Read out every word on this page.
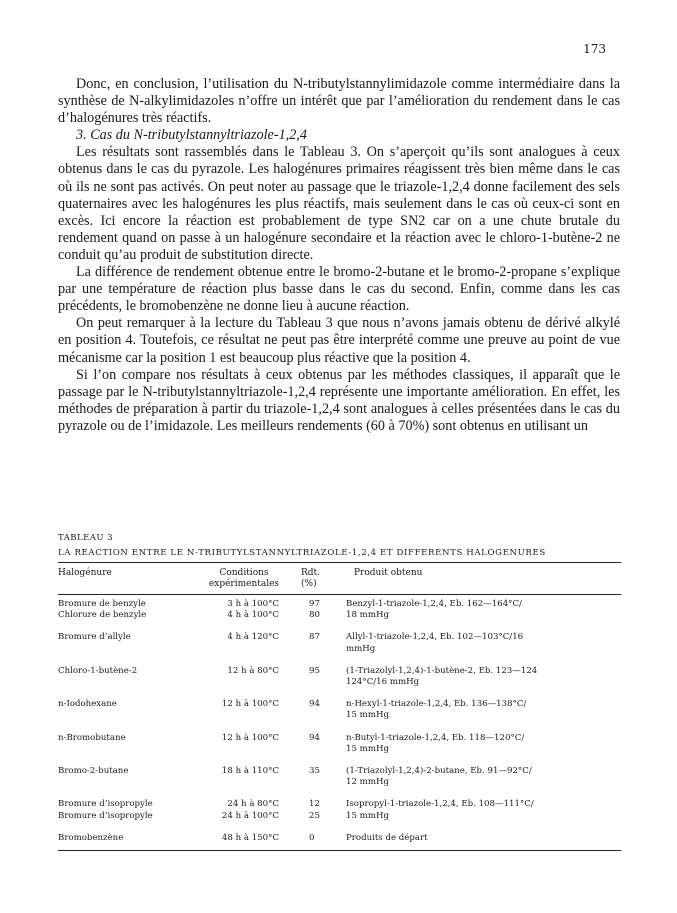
173

Donc, en conclusion, l’utilisation du N-tributylstannylimidazole comme intermédiaire dans la synthèse de N-alkylimidazoles n’offre un intérêt que par l’amélioration du rendement dans le cas d’halogénures très réactifs.

3. Cas du N-tributylstannyltriazole-1,2,4

Les résultats sont rassemblés dans le Tableau 3. On s’aperçoit qu’ils sont analogues à ceux obtenus dans le cas du pyrazole. Les halogénures primaires réagissent très bien même dans le cas où ils ne sont pas activés. On peut noter au passage que le triazole-1,2,4 donne facilement des sels quaternaires avec les halogénures les plus réactifs, mais seulement dans le cas où ceux-ci sont en excès. Ici encore la réaction est probablement de type SN2 car on a une chute brutale du rendement quand on passe à un halogénure secondaire et la réaction avec le chloro-1-butène-2 ne conduit qu’au produit de substitution directe.

La différence de rendement obtenue entre le bromo-2-butane et le bromo-2-propane s’explique par une température de réaction plus basse dans le cas du second. Enfin, comme dans les cas précédents, le bromobenzène ne donne lieu à aucune réaction.

On peut remarquer à la lecture du Tableau 3 que nous n’avons jamais obtenu de dérivé alkylé en position 4. Toutefois, ce résultat ne peut pas être interprété comme une preuve au point de vue mécanisme car la position 1 est beaucoup plus réactive que la position 4.

Si l’on compare nos résultats à ceux obtenus par les méthodes classiques, il apparaît que le passage par le N-tributylstannyltriazole-1,2,4 représente une importante amélioration. En effet, les méthodes de préparation à partir du triazole-1,2,4 sont analogues à celles présentées dans le cas du pyrazole ou de l’imidazole. Les meilleurs rendements (60 à 70%) sont obtenus en utilisant un

TABLEAU 3
LA REACTION ENTRE LE N-TRIBUTYLSTANNYLTRIAZOLE-1,2,4 ET DIFFERENTS HALOGENURES
Halogénure	Conditions
expérimentales
Rdt.
(%)
Produit obtenu
Bromure de benzyle	3 h à 100°C	97	Benzyl-1-triazole-1,2,4, Eb. 162—164°C/
Chlorure de benzyle	4 h à 100°C	80	18 mmHg
Bromure d’allyle	4 h à 120°C	87	Allyl-1-triazole-1,2,4, Eb. 102—103°C/16
mmHg
Chloro-1-butène-2	12 h à 80°C	95	(1-Triazolyl-1,2,4)-1-butène-2, Eb. 123—124
124°C/16 mmHg
n-Iodohexane	12 h à 100°C	94	n-Hexyl-1-triazole-1,2,4, Eb. 136—138°C/
15 mmHg
n-Bromobutane	12 h à 100°C	94	n-Butyl-1-triazole-1,2,4, Eb. 118—120°C/
15 mmHg
Bromo-2-butane	18 h à 110°C	35	(1-Triazolyl-1,2,4)-2-butane, Eb. 91—92°C/
12 mmHg
Bromure d’isopropyle	24 h à 80°C	12	Isopropyl-1-triazole-1,2,4, Eb. 108—111°C/
Bromure d’isopropyle	24 h à 100°C	25	15 mmHg
Bromobenzène	48 h à 150°C	0	Produits de départ
